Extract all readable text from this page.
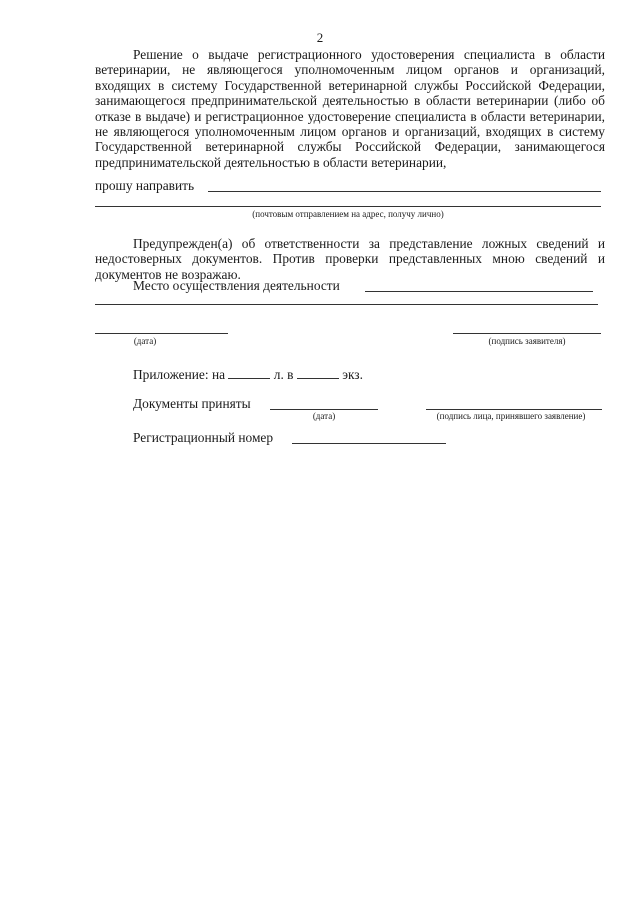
2
Решение о выдаче регистрационного удостоверения специалиста в области ветеринарии, не являющегося уполномоченным лицом органов и организаций, входящих в систему Государственной ветеринарной службы Российской Федерации, занимающегося предпринимательской деятельностью в области ветеринарии (либо об отказе в выдаче) и регистрационное удостоверение специалиста в области ветеринарии, не являющегося уполномоченным лицом органов и организаций, входящих в систему Государственной ветеринарной службы Российской Федерации, занимающегося предпринимательской деятельностью в области ветеринарии,
прошу направить
(почтовым отправлением на адрес, получу лично)
Предупрежден(а) об ответственности за представление ложных сведений и недостоверных документов. Против проверки представленных мною сведений и документов не возражаю.
Место осуществления деятельности
(дата)	(подпись заявителя)
Приложение: на	л. в	экз.
Документы приняты
(дата)	(подпись лица, принявшего заявление)
Регистрационный номер
